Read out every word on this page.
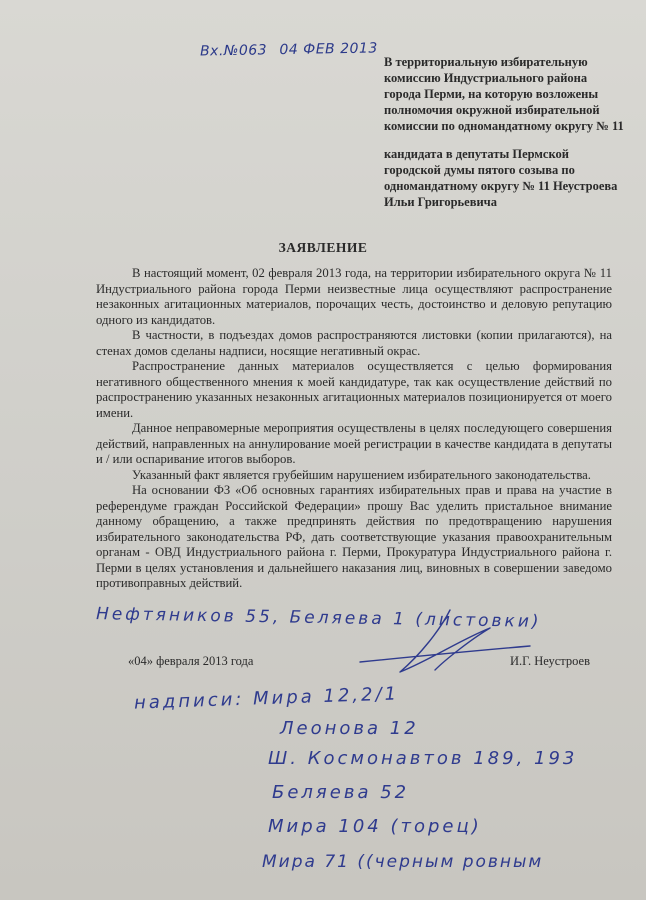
Вх.№063 04 ФЕВ 2013

В территориальную избирательную комиссию Индустриального района города Перми, на которую возложены полномочия окружной избирательной комиссии по одномандатному округу № 11

кандидата в депутаты Пермской городской думы пятого созыва по одномандатному округу № 11 Неустроева Ильи Григорьевича

ЗАЯВЛЕНИЕ

В настоящий момент, 02 февраля 2013 года, на территории избирательного округа № 11 Индустриального района города Перми неизвестные лица осуществляют распространение незаконных агитационных материалов, порочащих честь, достоинство и деловую репутацию одного из кандидатов.

В частности, в подъездах домов распространяются листовки (копии прилагаются), на стенах домов сделаны надписи, носящие негативный окрас.

Распространение данных материалов осуществляется с целью формирования негативного общественного мнения к моей кандидатуре, так как осуществление действий по распространению указанных незаконных агитационных материалов позиционируется от моего имени.

Данное неправомерные мероприятия осуществлены в целях последующего совершения действий, направленных на аннулирование моей регистрации в качестве кандидата в депутаты и / или оспаривание итогов выборов.

Указанный факт является грубейшим нарушением избирательного законодательства.

На основании ФЗ «Об основных гарантиях избирательных прав и права на участие в референдуме граждан Российской Федерации» прошу Вас уделить пристальное внимание данному обращению, а также предпринять действия по предотвращению нарушения избирательного законодательства РФ, дать соответствующие указания правоохранительным органам - ОВД Индустриального района г. Перми, Прокуратура Индустриального района г. Перми в целях установления и дальнейшего наказания лиц, виновных в совершении заведомо противоправных действий.

Нефтяников 55, Беляева 1 (листовки)
«04» февраля 2013 года	И.Г. Неустроев
надписи: Мира 12,2/1
Леонова 12
Ш. Космонавтов 189, 193
Беляева 52
Мира 104 (торец)
Мира 71 ((черным ровным
